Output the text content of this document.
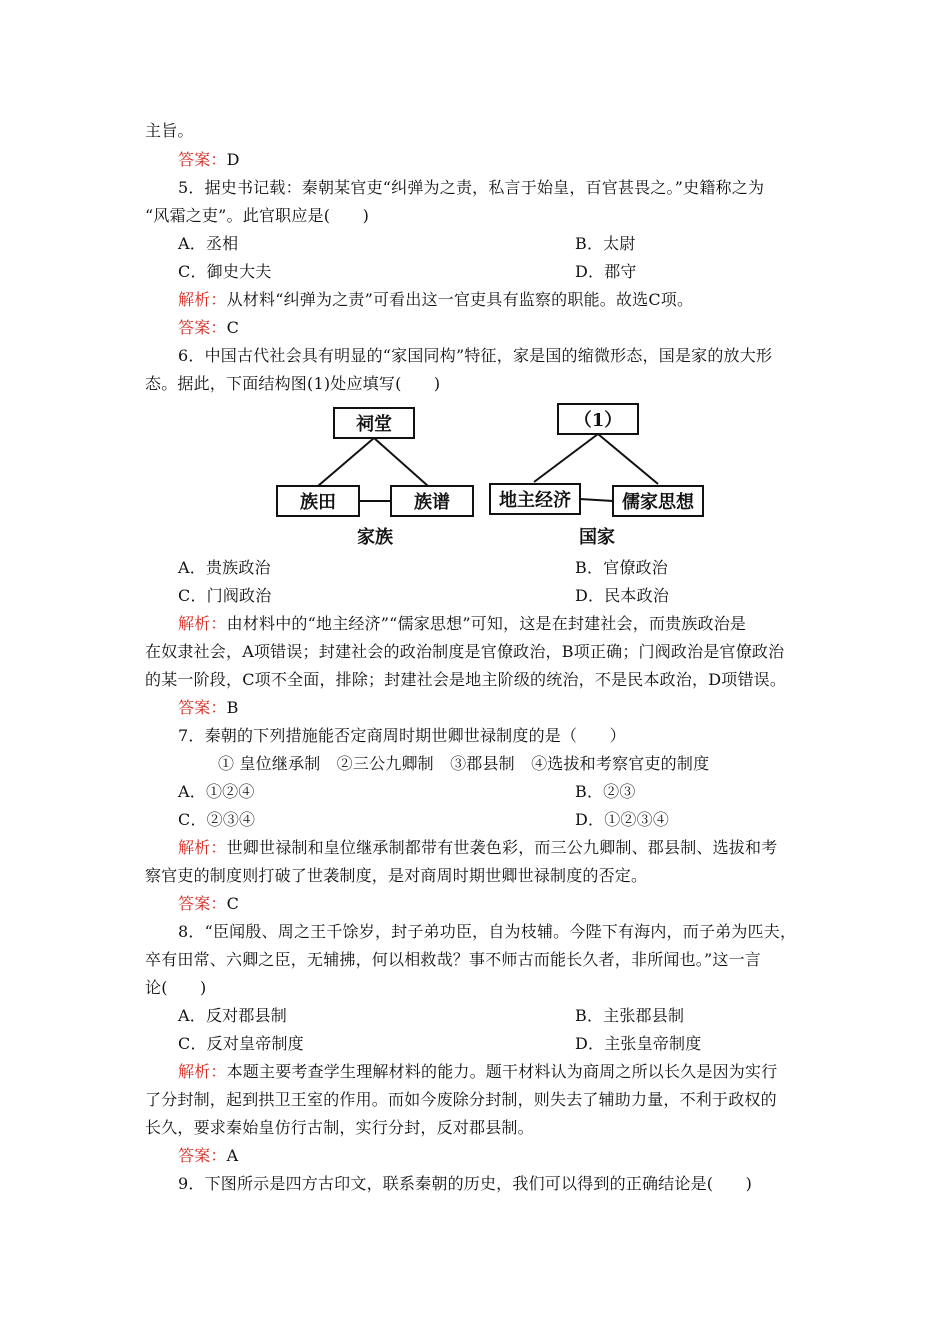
主旨。
答案：D
5．据史书记载：秦朝某官吏“纠弹为之责，私言于始皇，百官甚畏之。”史籍称之为
“风霜之吏”。此官职应是(　　)
A．丞相	B．太尉
C．御史大夫	D．郡守
解析：从材料“纠弹为之责”可看出这一官吏具有监察的职能。故选C项。
答案：C
6．中国古代社会具有明显的“家国同构”特征，家是国的缩微形态，国是家的放大形
态。据此，下面结构图(1)处应填写(　　)
祠堂
族田	族谱
（1）
地主经济	儒家思想
家族	国家
A．贵族政治	B．官僚政治
C．门阀政治	D．民本政治
解析：由材料中的“地主经济”“儒家思想”可知，这是在封建社会，而贵族政治是
在奴隶社会，A项错误；封建社会的政治制度是官僚政治，B项正确；门阀政治是官僚政治
的某一阶段，C项不全面，排除；封建社会是地主阶级的统治，不是民本政治，D项错误。
答案：B
7．秦朝的下列措施能否定商周时期世卿世禄制度的是（　　）
① 皇位继承制　②三公九卿制　③郡县制　④选拔和考察官吏的制度
A．①②④	B．②③
C．②③④	D．①②③④
解析：世卿世禄制和皇位继承制都带有世袭色彩，而三公九卿制、郡县制、选拔和考
察官吏的制度则打破了世袭制度，是对商周时期世卿世禄制度的否定。
答案：C
8．“臣闻殷、周之王千馀岁，封子弟功臣，自为枝辅。今陛下有海内，而子弟为匹夫，
卒有田常、六卿之臣，无辅拂，何以相救哉？事不师古而能长久者，非所闻也。”这一言
论(　　)
A．反对郡县制	B．主张郡县制
C．反对皇帝制度	D．主张皇帝制度
解析：本题主要考查学生理解材料的能力。题干材料认为商周之所以长久是因为实行
了分封制，起到拱卫王室的作用。而如今废除分封制，则失去了辅助力量，不利于政权的
长久，要求秦始皇仿行古制，实行分封，反对郡县制。
答案：A
9．下图所示是四方古印文，联系秦朝的历史，我们可以得到的正确结论是(　　)
